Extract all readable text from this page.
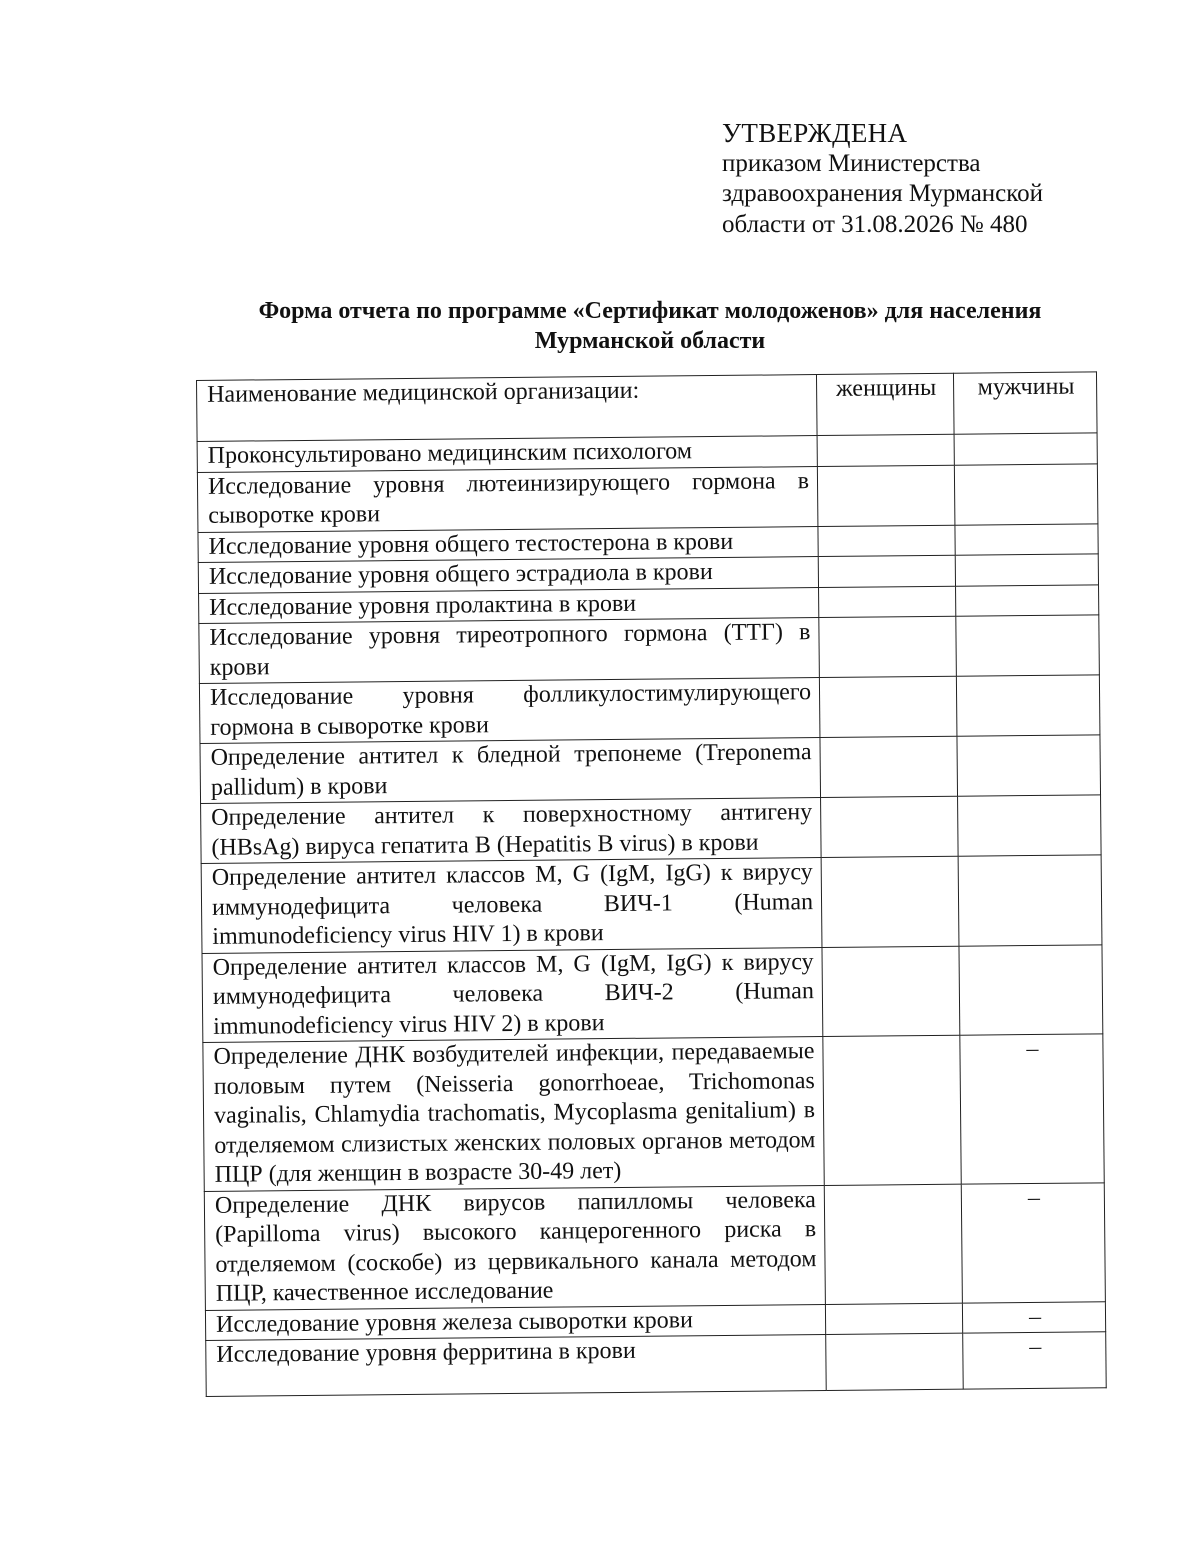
УТВЕРЖДЕНА
приказом Министерства
здравоохранения Мурманской
области от 31.08.2026 № 480
Форма отчета по программе «Сертификат молодоженов» для населения
Мурманской области
Наименование медицинской организации:	женщины	мужчины
Проконсультировано медицинским психологом		
Исследование уровня лютеинизирующего гормона в сыворотке крови		
Исследование уровня общего тестостерона в крови		
Исследование уровня общего эстрадиола в крови		
Исследование уровня пролактина в крови		
Исследование уровня тиреотропного гормона (ТТГ) в крови		
Исследование уровня фолликулостимулирующего гормона в сыворотке крови		
Определение антител к бледной трепонеме (Treponema pallidum) в крови		
Определение антител к поверхностному антигену (HBsAg) вируса гепатита B (Hepatitis B virus) в крови		
Определение антител классов M, G (IgM, IgG) к вирусу иммунодефицита человека ВИЧ-1 (Human immunodeficiency virus HIV 1) в крови		
Определение антител классов M, G (IgM, IgG) к вирусу иммунодефицита человека ВИЧ-2 (Human immunodeficiency virus HIV 2) в крови		
Определение ДНК возбудителей инфекции, передаваемые половым путем (Neisseria gonorrhoeae, Trichomonas vaginalis, Chlamydia trachomatis, Mycoplasma genitalium) в отделяемом слизистых женских половых органов методом ПЦР (для женщин в возрасте 30-49 лет)		–
Определение ДНК вирусов папилломы человека (Papilloma virus) высокого канцерогенного риска в отделяемом (соскобе) из цервикального канала методом ПЦР, качественное исследование		–
Исследование уровня железа сыворотки крови		–
Исследование уровня ферритина в крови		–
